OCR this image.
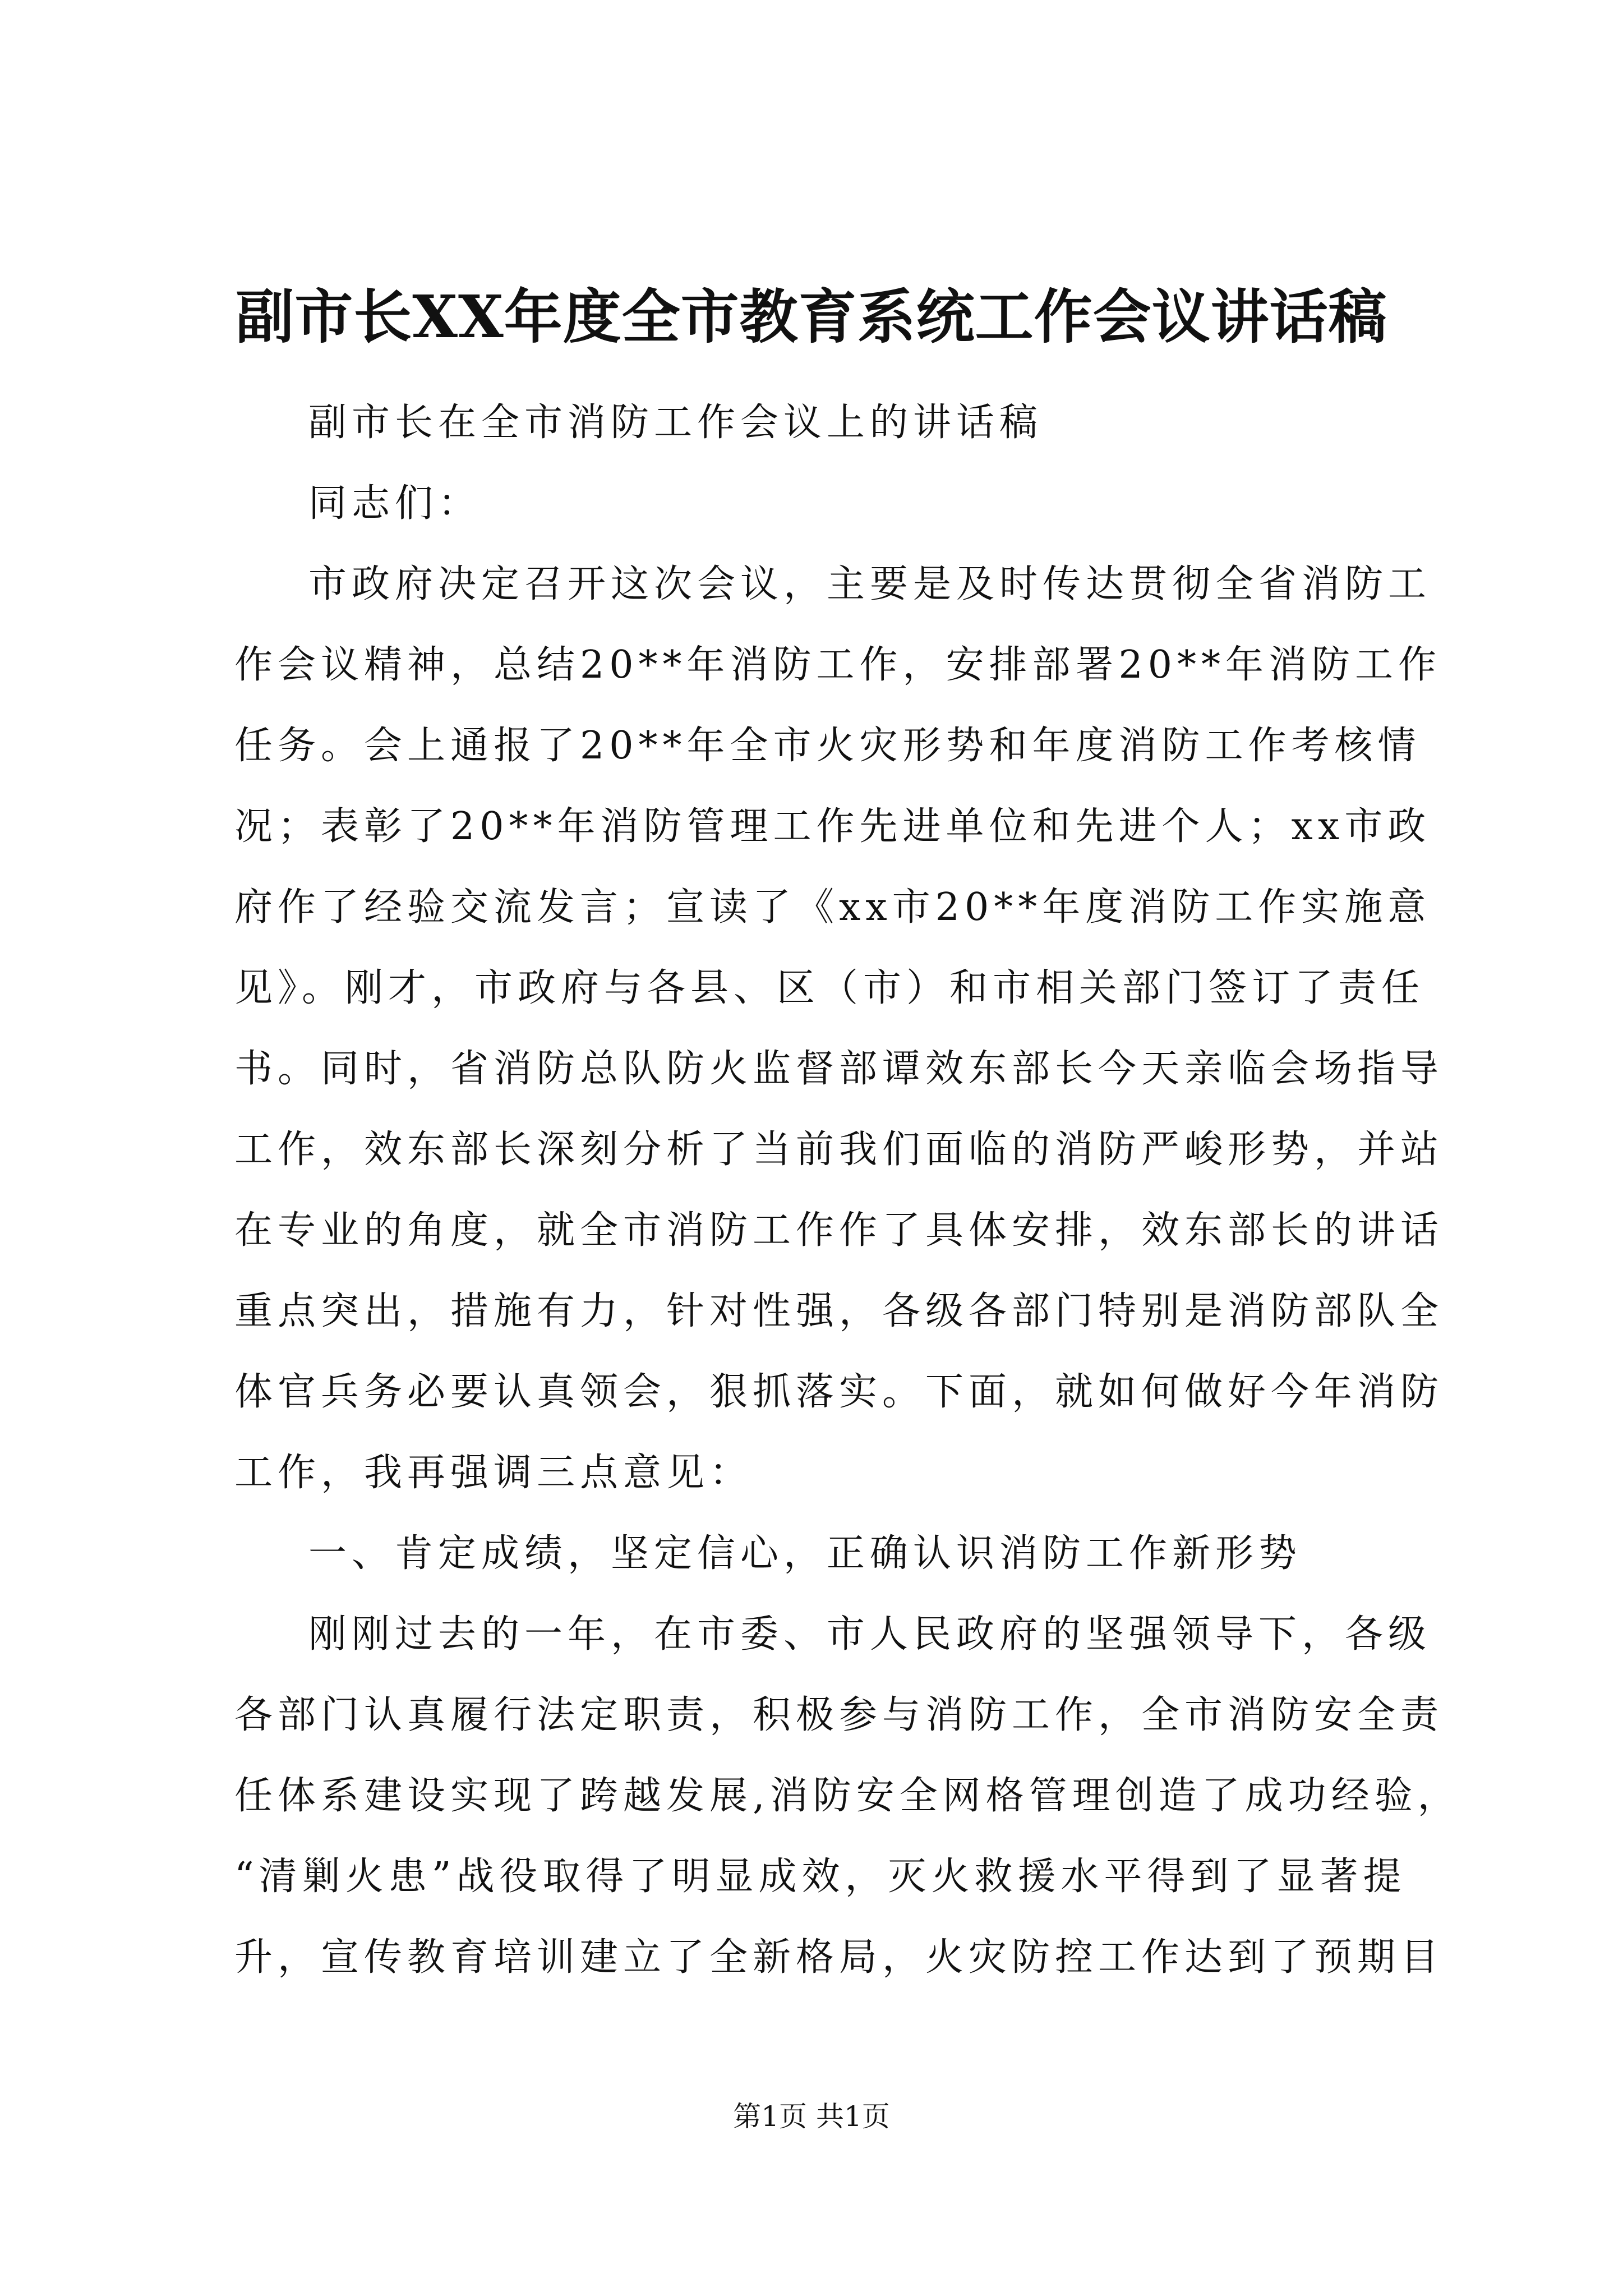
副市长XX年度全市教育系统工作会议讲话稿
副市长在全市消防工作会议上的讲话稿
同志们：
市政府决定召开这次会议，主要是及时传达贯彻全省消防工
作会议精神，总结20**年消防工作，安排部署20**年消防工作
任务。会上通报了20**年全市火灾形势和年度消防工作考核情
况；表彰了20**年消防管理工作先进单位和先进个人；xx市政
府作了经验交流发言；宣读了《xx市20**年度消防工作实施意
见》。刚才，市政府与各县、区（市）和市相关部门签订了责任
书。同时，省消防总队防火监督部谭效东部长今天亲临会场指导
工作，效东部长深刻分析了当前我们面临的消防严峻形势，并站
在专业的角度，就全市消防工作作了具体安排，效东部长的讲话
重点突出，措施有力，针对性强，各级各部门特别是消防部队全
体官兵务必要认真领会，狠抓落实。下面，就如何做好今年消防
工作，我再强调三点意见：
一、肯定成绩，坚定信心，正确认识消防工作新形势
刚刚过去的一年，在市委、市人民政府的坚强领导下，各级
各部门认真履行法定职责，积极参与消防工作，全市消防安全责
任体系建设实现了跨越发展,消防安全网格管理创造了成功经验，
“清剿火患”战役取得了明显成效，灭火救援水平得到了显著提
升，宣传教育培训建立了全新格局，火灾防控工作达到了预期目
第1页 共1页
